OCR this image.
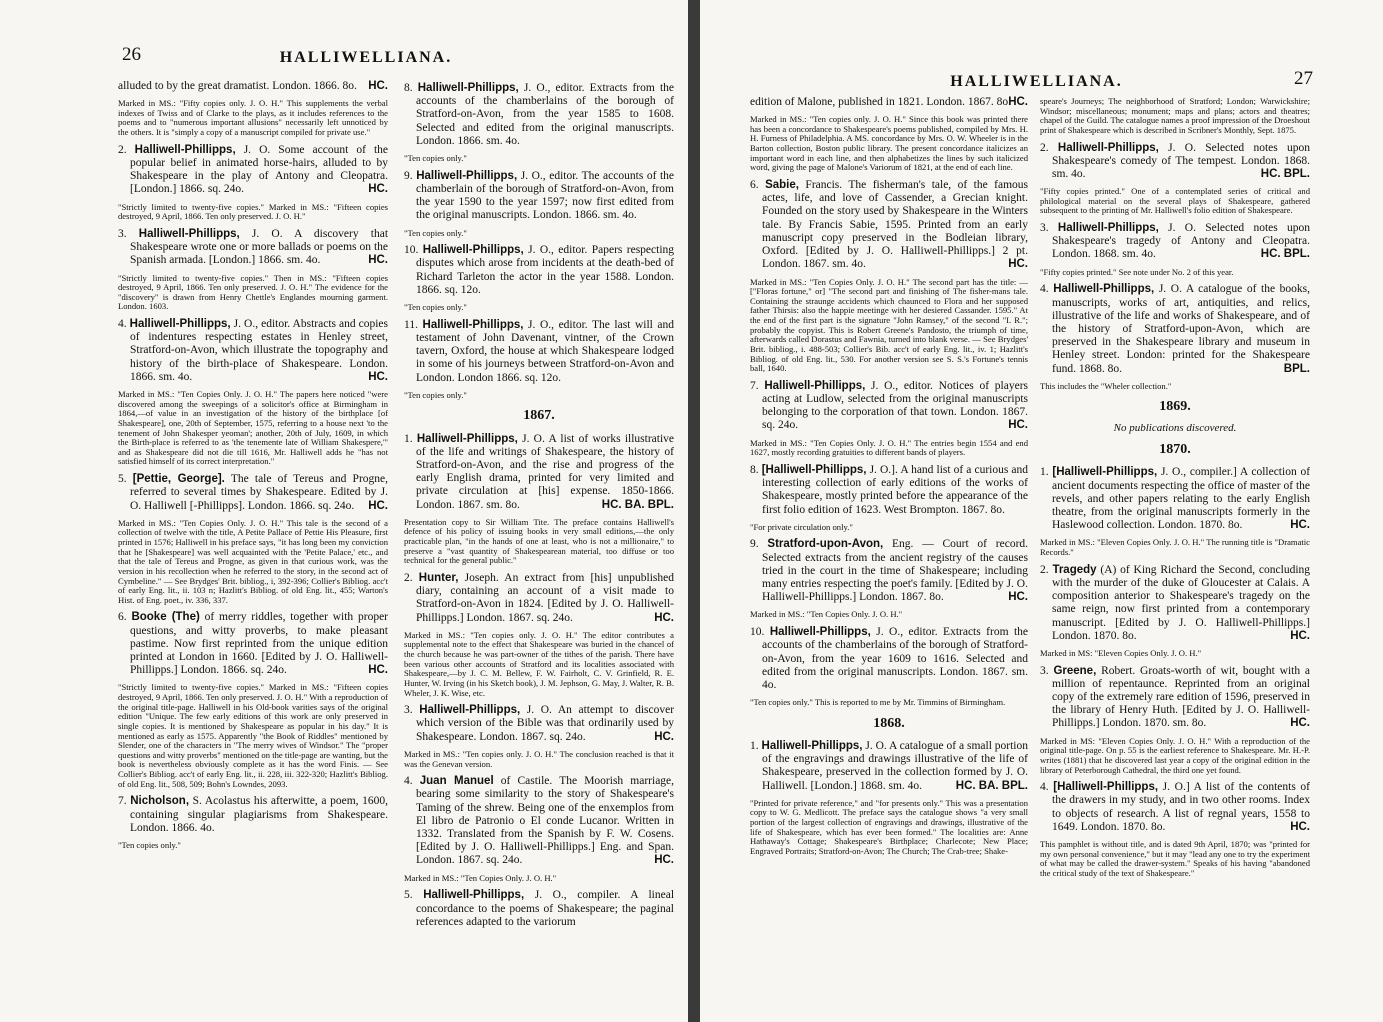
26	HALLIWELLIANA.
alluded to by the great dramatist. London. 1866. 8o. HC.
Marked in MS.: "Fifty copies only. J. O. H." This supplements the verbal indexes of Twiss and of Clarke to the plays, as it includes references to the poems and to "numerous important allusions" necessarily left unnoticed by the others. It is "simply a copy of a manuscript compiled for private use."
2. Halliwell-Phillipps, J. O. Some account of the popular belief in animated horse-hairs, alluded to by Shakespeare in the play of Antony and Cleopatra. [London.] 1866. sq. 24o.	HC.
"Strictly limited to twenty-five copies." Marked in MS.: "Fifteen copies destroyed, 9 April, 1866. Ten only preserved. J. O. H."
3. Halliwell-Phillipps, J. O. A discovery that Shakespeare wrote one or more ballads or poems on the Spanish armada. [London.] 1866. sm. 4o.	HC.
"Strictly limited to twenty-five copies." Then in MS.: "Fifteen copies destroyed, 9 April, 1866. Ten only preserved. J. O. H." The evidence for the "discovery" is drawn from Henry Chettle's Englandes mourning garment. London. 1603.
4. Halliwell-Phillipps, J. O., editor. Abstracts and copies of indentures respecting estates in Henley street, Stratford-on-Avon, which illustrate the topography and history of the birth-place of Shakespeare. London. 1866. sm. 4o.	HC.
Marked in MS.: "Ten Copies Only. J. O. H." The papers here noticed "were discovered among the sweepings of a solicitor's office at Birmingham in 1864,—of value in an investigation of the history of the birthplace [of Shakespeare], one, 20th of September, 1575, referring to a house next 'to the tenement of John Shakesper yeoman'; another, 20th of July, 1609, in which the Birth-place is referred to as 'the tenemente late of William Shakespere,'" and as Shakespeare did not die till 1616, Mr. Halliwell adds he "has not satisfied himself of its correct interpretation."
5. [Pettie, George]. The tale of Tereus and Progne, referred to several times by Shakespeare. Edited by J. O. Halliwell [-Phillipps]. London. 1866. sq. 24o. HC.
Marked in MS.: "Ten Copies Only. J. O. H." This tale is the second of a collection of twelve with the title, A Petite Pallace of Pettie His Pleasure, first printed in 1576; Halliwell in his preface says, "it has long been my conviction that he [Shakespeare] was well acquainted with the 'Petite Palace,' etc., and that the tale of Tereus and Progne, as given in that curious work, was the version in his recollection when he referred to the story, in the second act of Cymbeline." — See Brydges' Brit. bibliog., i, 392-396; Collier's Bibliog. acc't of early Eng. lit., ii. 103 n; Hazlitt's Bibliog. of old Eng. lit., 455; Warton's Hist. of Eng. poet., iv. 336, 337.
6. Booke (The) of merry riddles, together with proper questions, and witty proverbs, to make pleasant pastime. Now first reprinted from the unique edition printed at London in 1660. [Edited by J. O. Halliwell-Phillipps.] London. 1866. sq. 24o.	HC.
"Strictly limited to twenty-five copies." Marked in MS.: "Fifteen copies destroyed, 9 April, 1866. Ten only preserved. J. O. H." With a reproduction of the original title-page. Halliwell in his Old-book varities says of the original edition "Unique. The few early editions of this work are only preserved in single copies. It is mentioned by Shakespeare as popular in his day." It is mentioned as early as 1575. Apparently "the Book of Riddles" mentioned by Slender, one of the characters in "The merry wives of Windsor." The "proper questions and witty proverbs" mentioned on the title-page are wanting, but the book is nevertheless obviously complete as it has the word Finis. — See Collier's Bibliog. acc't of early Eng. lit., ii. 228, iii. 322-320; Hazlitt's Bibliog. of old Eng. lit., 508, 509; Bohn's Lowndes, 2093.
7. Nicholson, S. Acolastus his afterwitte, a poem, 1600, containing singular plagiarisms from Shakespeare. London. 1866. 4o.
"Ten copies only."
8. Halliwell-Phillipps, J. O., editor. Extracts from the accounts of the chamberlains of the borough of Stratford-on-Avon, from the year 1585 to 1608. Selected and edited from the original manuscripts. London. 1866. sm. 4o.
"Ten copies only."
9. Halliwell-Phillipps, J. O., editor. The accounts of the chamberlain of the borough of Stratford-on-Avon, from the year 1590 to the year 1597; now first edited from the original manuscripts. London. 1866. sm. 4o.
"Ten copies only."
10. Halliwell-Phillipps, J. O., editor. Papers respecting disputes which arose from incidents at the death-bed of Richard Tarleton the actor in the year 1588. London. 1866. sq. 12o.
"Ten copies only."
11. Halliwell-Phillipps, J. O., editor. The last will and testament of John Davenant, vintner, of the Crown tavern, Oxford, the house at which Shakespeare lodged in some of his journeys between Stratford-on-Avon and London. London 1866. sq. 12o.
"Ten copies only."
1867.
1. Halliwell-Phillipps, J. O. A list of works illustrative of the life and writings of Shakespeare, the history of Stratford-on-Avon, and the rise and progress of the early English drama, printed for very limited and private circulation at [his] expense. 1850-1866. London. 1867. sm. 8o.	HC. BA. BPL.
Presentation copy to Sir William Tite. The preface contains Halliwell's defence of his policy of issuing books in very small editions,—the only practicable plan, "in the hands of one at least, who is not a millionaire," to preserve a "vast quantity of Shakespearean material, too diffuse or too technical for the general public."
2. Hunter, Joseph. An extract from [his] unpublished diary, containing an account of a visit made to Stratford-on-Avon in 1824. [Edited by J. O. Halliwell-Phillipps.] London. 1867. sq. 24o.	HC.
Marked in MS.: "Ten copies only. J. O. H." The editor contributes a supplemental note to the effect that Shakespeare was buried in the chancel of the church because he was part-owner of the tithes of the parish. There have been various other accounts of Stratford and its localities associated with Shakespeare,—by J. C. M. Bellew, F. W. Fairholt, C. V. Grinfield, R. E. Hunter, W. Irving (in his Sketch book), J. M. Jephson, G. May, J. Walter, R. B. Wheler, J. K. Wise, etc.
3. Halliwell-Phillipps, J. O. An attempt to discover which version of the Bible was that ordinarily used by Shakespeare. London. 1867. sq. 24o.	HC.
Marked in MS.: "Ten copies only. J. O. H." The conclusion reached is that it was the Genevan version.
4. Juan Manuel of Castile. The Moorish marriage, bearing some similarity to the story of Shakespeare's Taming of the shrew. Being one of the enxemplos from El libro de Patronio o El conde Lucanor. Written in 1332. Translated from the Spanish by F. W. Cosens. [Edited by J. O. Halliwell-Phillipps.] Eng. and Span. London. 1867. sq. 24o.	HC.
Marked in MS.: "Ten Copies Only. J. O. H."
5. Halliwell-Phillipps, J. O., compiler. A lineal concordance to the poems of Shakespeare; the paginal references adapted to the variorum
27
HALLIWELLIANA.
edition of Malone, published in 1821. London. 1867. 8o.
HC.
Marked in MS.: "Ten copies only. J. O. H." Since this book was printed there has been a concordance to Shakespeare's poems published, compiled by Mrs. H. H. Furness of Philadelphia. A MS. concordance by Mrs. O. W. Wheeler is in the Barton collection, Boston public library. The present concordance italicizes an important word in each line, and then alphabetizes the lines by such italicized word, giving the page of Malone's Variorum of 1821, at the end of each line.
6. Sabie, Francis. The fisherman's tale, of the famous actes, life, and love of Cassender, a Grecian knight. Founded on the story used by Shakespeare in the Winters tale. By Francis Sabie, 1595. Printed from an early manuscript copy preserved in the Bodleian library, Oxford. [Edited by J. O. Halliwell-Phillipps.] 2 pt. London. 1867. sm. 4o.	HC.
Marked in MS.: "Ten Copies Only. J. O. H." The second part has the title: — ["Floras fortune," or] "The second part and finishing of The fisher-mans tale. Containing the straunge accidents which chaunced to Flora and her supposed father Thirsis: also the happie meetinge with her desiered Cassander. 1595." At the end of the first part is the signature "John Ramsey," of the second "I. R."; probably the copyist. This is Robert Greene's Pandosto, the triumph of time, afterwards called Dorastus and Fawnia, turned into blank verse. — See Brydges' Brit. bibliog., i. 488-503; Collier's Bib. acc't of early Eng. lit., iv. 1; Hazlitt's Bibliog. of old Eng. lit., 530. For another version see S. S.'s Fortune's tennis ball, 1640.
7. Halliwell-Phillipps, J. O., editor. Notices of players acting at Ludlow, selected from the original manuscripts belonging to the corporation of that town. London. 1867. sq. 24o.	HC.
Marked in MS.: "Ten Copies Only. J. O. H." The entries begin 1554 and end 1627, mostly recording gratuities to different bands of players.
8. [Halliwell-Phillipps, J. O.]. A hand list of a curious and interesting collection of early editions of the works of Shakespeare, mostly printed before the appearance of the first folio edition of 1623. West Brompton. 1867. 8o.
"For private circulation only."
9. Stratford-upon-Avon, Eng. — Court of record. Selected extracts from the ancient registry of the causes tried in the court in the time of Shakespeare; including many entries respecting the poet's family. [Edited by J. O. Halliwell-Phillipps.] London. 1867. 8o.	HC.
Marked in MS.: "Ten Copies Only. J. O. H."
10. Halliwell-Phillipps, J. O., editor. Extracts from the accounts of the chamberlains of the borough of Stratford-on-Avon, from the year 1609 to 1616. Selected and edited from the original manuscripts. London. 1867. sm. 4o.
"Ten copies only." This is reported to me by Mr. Timmins of Birmingham.
1868.
1. Halliwell-Phillipps, J. O. A catalogue of a small portion of the engravings and drawings illustrative of the life of Shakespeare, preserved in the collection formed by J. O. Halliwell. [London.] 1868. sm. 4o.	HC. BA. BPL.
"Printed for private reference," and "for presents only." This was a presentation copy to W. G. Medlicott. The preface says the catalogue shows "a very small portion of the largest collection of engravings and drawings, illustrative of the life of Shakespeare, which has ever been formed." The localities are: Anne Hathaway's Cottage; Shakespeare's Birthplace; Charlecote; New Place; Engraved Portraits; Stratford-on-Avon; The Church; The Crab-tree; Shake-
speare's Journeys; The neighborhood of Stratford; London; Warwickshire; Windsor; miscellaneous; monument; maps and plans; actors and theatres; chapel of the Guild. The catalogue names a proof impression of the Droeshout print of Shakespeare which is described in Scribner's Monthly, Sept. 1875.
2. Halliwell-Phillipps, J. O. Selected notes upon Shakespeare's comedy of The tempest. London. 1868. sm. 4o.	HC. BPL.
"Fifty copies printed." One of a contemplated series of critical and philological material on the several plays of Shakespeare, gathered subsequent to the printing of Mr. Halliwell's folio edition of Shakespeare.
3. Halliwell-Phillipps, J. O. Selected notes upon Shakespeare's tragedy of Antony and Cleopatra. London. 1868. sm. 4o.	HC. BPL.
"Fifty copies printed." See note under No. 2 of this year.
4. Halliwell-Phillipps, J. O. A catalogue of the books, manuscripts, works of art, antiquities, and relics, illustrative of the life and works of Shakespeare, and of the history of Stratford-upon-Avon, which are preserved in the Shakespeare library and museum in Henley street. London: printed for the Shakespeare fund. 1868. 8o.	BPL.
This includes the "Wheler collection."
1869.
No publications discovered.
1870.
1. [Halliwell-Phillipps, J. O., compiler.] A collection of ancient documents respecting the office of master of the revels, and other papers relating to the early English theatre, from the original manuscripts formerly in the Haslewood collection. London. 1870. 8o.	HC.
Marked in MS.: "Eleven Copies Only. J. O. H." The running title is "Dramatic Records."
2. Tragedy (A) of King Richard the Second, concluding with the murder of the duke of Gloucester at Calais. A composition anterior to Shakespeare's tragedy on the same reign, now first printed from a contemporary manuscript. [Edited by J. O. Halliwell-Phillipps.] London. 1870. 8o.	HC.
Marked in MS: "Eleven Copies Only. J. O. H."
3. Greene, Robert. Groats-worth of wit, bought with a million of repentaunce. Reprinted from an original copy of the extremely rare edition of 1596, preserved in the library of Henry Huth. [Edited by J. O. Halliwell-Phillipps.] London. 1870. sm. 8o.	HC.
Marked in MS: "Eleven Copies Only. J. O. H." With a reproduction of the original title-page. On p. 55 is the earliest reference to Shakespeare. Mr. H.-P. writes (1881) that he discovered last year a copy of the original edition in the library of Peterborough Cathedral, the third one yet found.
4. [Halliwell-Phillipps, J. O.] A list of the contents of the drawers in my study, and in two other rooms. Index to objects of research. A list of regnal years, 1558 to 1649. London. 1870. 8o.	HC.
This pamphlet is without title, and is dated 9th April, 1870; was "printed for my own personal convenience," but it may "lead any one to try the experiment of what may be called the drawer-system." Speaks of his having "abandoned the critical study of the text of Shakespeare."
